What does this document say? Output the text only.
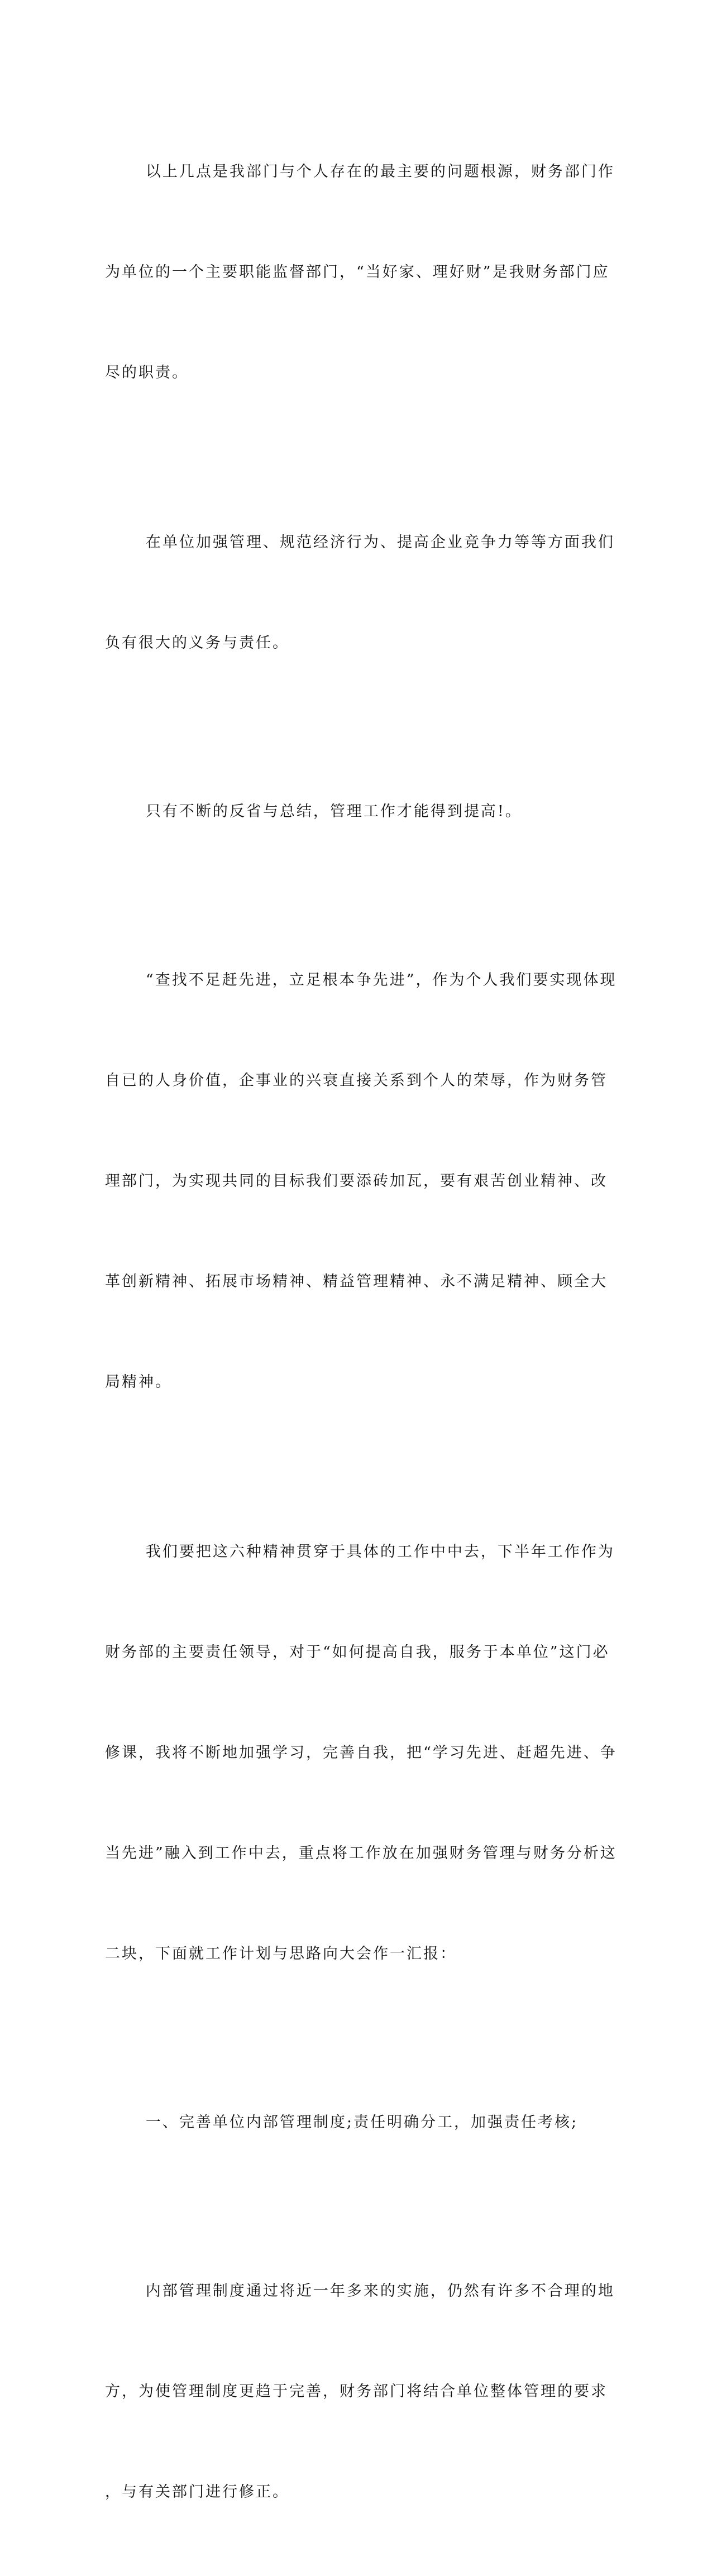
以上几点是我部门与个人存在的最主要的问题根源，财务部门作

为单位的一个主要职能监督部门，“当好家、理好财”是我财务部门应

尽的职责。

在单位加强管理、规范经济行为、提高企业竞争力等等方面我们

负有很大的义务与责任。

只有不断的反省与总结，管理工作才能得到提高!。

“查找不足赶先进，立足根本争先进”，作为个人我们要实现体现

自已的人身价值，企事业的兴衰直接关系到个人的荣辱，作为财务管

理部门，为实现共同的目标我们要添砖加瓦，要有艰苦创业精神、改

革创新精神、拓展市场精神、精益管理精神、永不满足精神、顾全大

局精神。

我们要把这六种精神贯穿于具体的工作中中去，下半年工作作为

财务部的主要责任领导，对于“如何提高自我，服务于本单位”这门必

修课，我将不断地加强学习，完善自我，把“学习先进、赶超先进、争

当先进”融入到工作中去，重点将工作放在加强财务管理与财务分析这

二块，下面就工作计划与思路向大会作一汇报：

一、完善单位内部管理制度;责任明确分工，加强责任考核;

内部管理制度通过将近一年多来的实施，仍然有许多不合理的地

方，为使管理制度更趋于完善，财务部门将结合单位整体管理的要求

，与有关部门进行修正。
